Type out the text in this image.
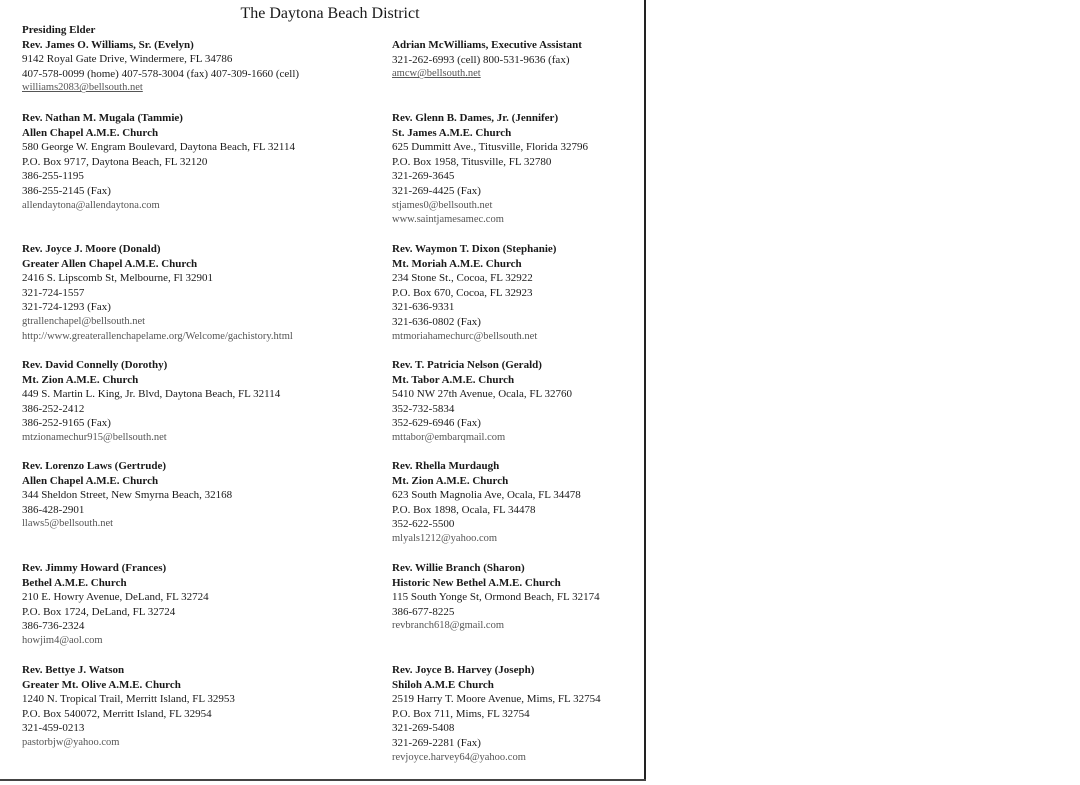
The Daytona Beach District
Presiding Elder
Rev. James O. Williams, Sr. (Evelyn)
9142 Royal Gate Drive, Windermere, FL 34786
407-578-0099 (home) 407-578-3004 (fax) 407-309-1660 (cell)
williams2083@bellsouth.net
Adrian McWilliams, Executive Assistant
321-262-6993 (cell) 800-531-9636 (fax)
amcw@bellsouth.net
Rev. Nathan M. Mugala (Tammie)
Allen Chapel A.M.E. Church
580 George W. Engram Boulevard, Daytona Beach, FL 32114
P.O. Box 9717, Daytona Beach, FL 32120
386-255-1195
386-255-2145 (Fax)
allendaytona@allendaytona.com
Rev. Joyce J. Moore (Donald)
Greater Allen Chapel A.M.E. Church
2416 S. Lipscomb St, Melbourne, Fl 32901
321-724-1557
321-724-1293 (Fax)
gtrallenchapel@bellsouth.net
http://www.greaterallenchapelame.org/Welcome/gachistory.html
Rev. David Connelly (Dorothy)
Mt. Zion A.M.E. Church
449 S. Martin L. King, Jr. Blvd, Daytona Beach, FL 32114
386-252-2412
386-252-9165 (Fax)
mtzionamechur915@bellsouth.net
Rev. Lorenzo Laws (Gertrude)
Allen Chapel A.M.E. Church
344 Sheldon Street, New Smyrna Beach, 32168
386-428-2901
llaws5@bellsouth.net
Rev. Jimmy Howard (Frances)
Bethel A.M.E. Church
210 E. Howry Avenue, DeLand, FL 32724
P.O. Box 1724, DeLand, FL 32724
386-736-2324
howjim4@aol.com
Rev. Bettye J. Watson
Greater Mt. Olive A.M.E. Church
1240 N. Tropical Trail, Merritt Island, FL 32953
P.O. Box 540072, Merritt Island, FL 32954
321-459-0213
pastorbjw@yahoo.com
Rev. Glenn B. Dames, Jr. (Jennifer)
St. James A.M.E. Church
625 Dummitt Ave., Titusville, Florida 32796
P.O. Box 1958, Titusville, FL 32780
321-269-3645
321-269-4425 (Fax)
stjames0@bellsouth.net
www.saintjamesamec.com
Rev. Waymon T. Dixon (Stephanie)
Mt. Moriah A.M.E. Church
234 Stone St., Cocoa, FL 32922
P.O. Box 670, Cocoa, FL 32923
321-636-9331
321-636-0802 (Fax)
mtmoriahamechurc@bellsouth.net
Rev. T. Patricia Nelson (Gerald)
Mt. Tabor A.M.E. Church
5410 NW 27th Avenue, Ocala, FL 32760
352-732-5834
352-629-6946 (Fax)
mttabor@embarqmail.com
Rev. Rhella Murdaugh
Mt. Zion A.M.E. Church
623 South Magnolia Ave, Ocala, FL 34478
P.O. Box 1898, Ocala, FL 34478
352-622-5500
mlyals1212@yahoo.com
Rev. Willie Branch (Sharon)
Historic New Bethel A.M.E. Church
115 South Yonge St, Ormond Beach, FL 32174
386-677-8225
revbranch618@gmail.com
Rev. Joyce B. Harvey (Joseph)
Shiloh A.M.E Church
2519 Harry T. Moore Avenue, Mims, FL 32754
P.O. Box 711, Mims, FL 32754
321-269-5408
321-269-2281 (Fax)
revjoyce.harvey64@yahoo.com
